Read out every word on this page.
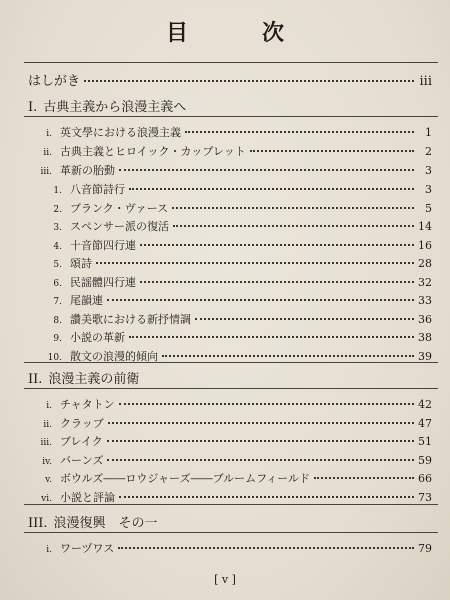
目　次
はしがき	iii
I. 古典主義から浪漫主義へ
i. 英文學における浪漫主義	1
ii. 古典主義とヒロイック・カップレット	2
iii. 革新の胎動	3
1. 八音節詩行	3
2. ブランク・ヴァース	5
3. スペンサー派の復活	14
4. 十音節四行連	16
5. 頌詩	28
6. 民謡體四行連	32
7. 尾韻連	33
8. 讚美歌における新抒情調	36
9. 小説の革新	38
10. 散文の浪漫的傾向	39
II. 浪漫主義の前衛
i. チャタトン	42
ii. クラッブ	47
iii. ブレイク	51
iv. バーンズ	59
v. ボウルズ――ロウジャーズ――ブルームフィールド	66
vi. 小説と評論	73
III. 浪漫復興　その一
i. ワーヅワス	79
[ v ]
